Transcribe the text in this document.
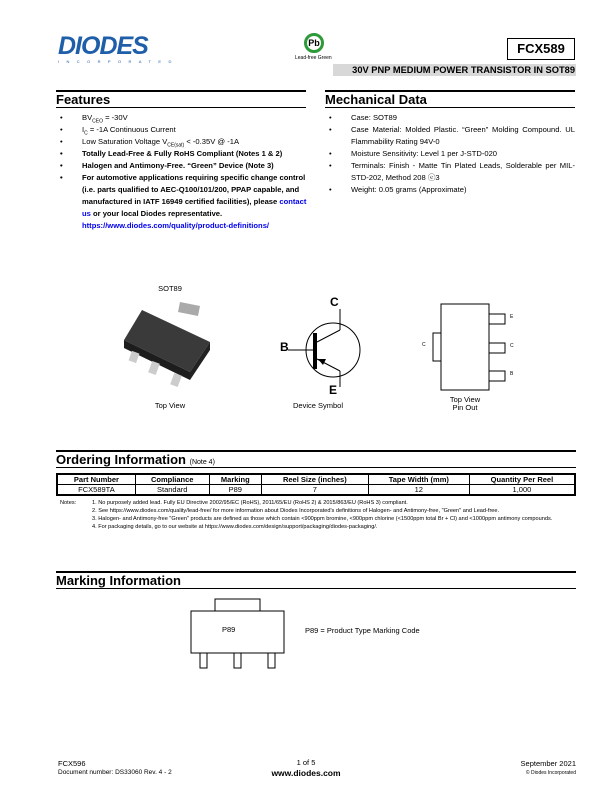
DIODES
INCORPORATED
Pb
Lead-free Green
FCX589
30V PNP MEDIUM POWER TRANSISTOR IN SOT89
Features
• $BV_{CEO} = -30V$
• $I_C = -1A$ Continuous Current
• Low Saturation Voltage $V_{CE(sat)} < -0.35V$ @ -1A
• Totally Lead-Free & Fully RoHS Compliant (Notes 1 & 2)
• Halogen and Antimony-Free. “Green” Device (Note 3)
• For automotive applications requiring specific change control (i.e. parts qualified to AEC-Q100/101/200, PPAP capable, and manufactured in IATF 16949 certified facilities), please contact us or your local Diodes representative.
https://www.diodes.com/quality/product-definitions/
Mechanical Data
• Case: SOT89
• Case Material: Molded Plastic. “Green” Molding Compound. UL Flammability Rating 94V-0
• Moisture Sensitivity: Level 1 per J-STD-020
• Terminals: Finish - Matte Tin Plated Leads, Solderable per MIL-STD-202, Method 208 ⓔ3
• Weight: 0.05 grams (Approximate)
SOT89
Top View
C
B
E
Device Symbol
C
E
C
B
Top View
Pin Out
Ordering Information (Note 4)
Part Number	Compliance	Marking	Reel Size (inches)	Tape Width (mm)	Quantity Per Reel
FCX589TA	Standard	P89	7	12	1,000
Notes:	1. No purposely added lead. Fully EU Directive 2002/95/EC (RoHS), 2011/65/EU (RoHS 2) & 2015/863/EU (RoHS 3) compliant.
2. See https://www.diodes.com/quality/lead-free/ for more information about Diodes Incorporated's definitions of Halogen- and Antimony-free, "Green" and Lead-free.
3. Halogen- and Antimony-free "Green" products are defined as those which contain <900ppm bromine, <900ppm chlorine (<1500ppm total Br + Cl) and <1000ppm antimony compounds.
4. For packaging details, go to our website at https://www.diodes.com/design/support/packaging/diodes-packaging/.
Marking Information
P89	P89 = Product Type Marking Code
FCX596
Document number: DS33060 Rev. 4 - 2
1 of 5
www.diodes.com
September 2021
© Diodes Incorporated
